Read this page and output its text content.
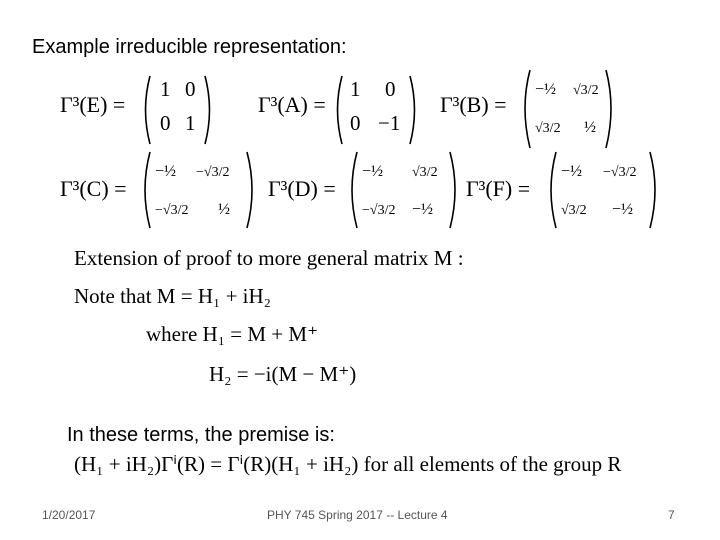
Example irreducible representation:
Γ³(E) =
1 0
0 1
Γ³(A) =
1 0
0 −1
Γ³(B) =
−½ √3/2
√3/2 ½
Γ³(C) =
−½ −√3/2
−√3/2 ½
Γ³(D) =
−½ √3/2
−√3/2 −½
Γ³(F) =
−½ −√3/2
√3/2 −½
Extension of proof to more general matrix M :
Note that M = H₁ + iH₂
where H₁ = M + M⁺
H₂ = −i(M − M⁺)
In these terms, the premise is:
(H₁ + iH₂)Γⁱ(R) = Γⁱ(R)(H₁ + iH₂) for all elements of the group R
1/20/2017	PHY 745 Spring 2017 -- Lecture 4	7
